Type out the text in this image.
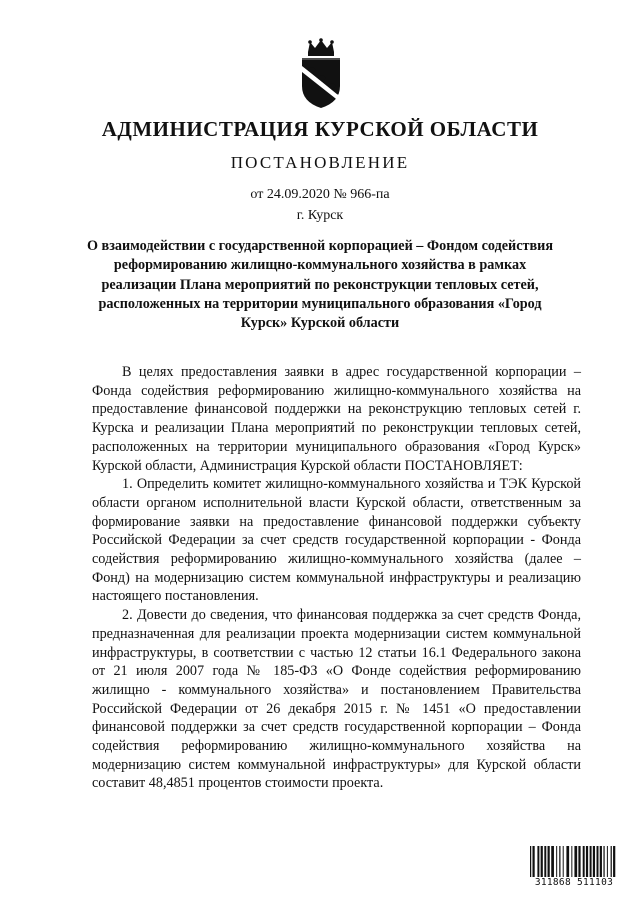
АДМИНИСТРАЦИЯ КУРСКОЙ ОБЛАСТИ
ПОСТАНОВЛЕНИЕ
от 24.09.2020 № 966-па
г. Курск
О взаимодействии с государственной корпорацией – Фондом содействия реформированию жилищно-коммунального хозяйства в рамках реализации Плана мероприятий по реконструкции тепловых сетей, расположенных на территории муниципального образования «Город Курск» Курской области

В целях предоставления заявки в адрес государственной корпорации – Фонда содействия реформированию жилищно-коммунального хозяйства на предоставление финансовой поддержки на реконструкцию тепловых сетей г. Курска и реализации Плана мероприятий по реконструкции тепловых сетей, расположенных на территории муниципального образования «Город Курск» Курской области, Администрация Курской области ПОСТАНОВЛЯЕТ:

1. Определить комитет жилищно-коммунального хозяйства и ТЭК Курской области органом исполнительной власти Курской области, ответственным за формирование заявки на предоставление финансовой поддержки субъекту Российской Федерации за счет средств государственной корпорации - Фонда содействия реформированию жилищно-коммунального хозяйства (далее – Фонд) на модернизацию систем коммунальной инфраструктуры и реализацию настоящего постановления.

2. Довести до сведения, что финансовая поддержка за счет средств Фонда, предназначенная для реализации проекта модернизации систем коммунальной инфраструктуры, в соответствии с частью 12 статьи 16.1 Федерального закона от 21 июля 2007 года № 185-ФЗ «О Фонде содействия реформированию жилищно - коммунального хозяйства» и постановлением Правительства Российской Федерации от 26 декабря 2015 г. № 1451 «О предоставлении финансовой поддержки за счет средств государственной корпорации – Фонда содействия реформированию жилищно-коммунального хозяйства на модернизацию систем коммунальной инфраструктуры» для Курской области составит 48,4851 процентов стоимости проекта.

311868 511103
